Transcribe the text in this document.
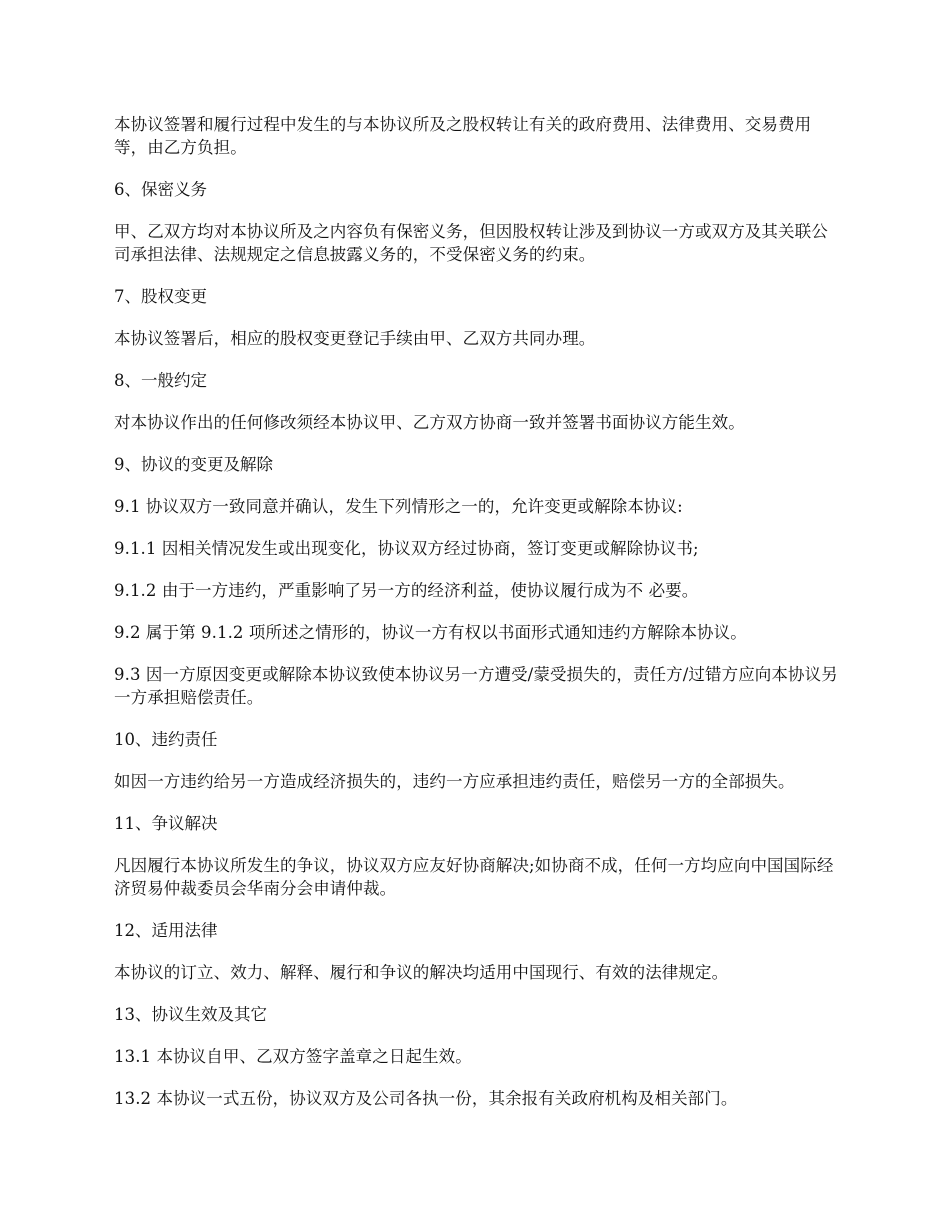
本协议签署和履行过程中发生的与本协议所及之股权转让有关的政府费用、法律费用、交易费用等，由乙方负担。

6、保密义务

甲、乙双方均对本协议所及之内容负有保密义务，但因股权转让涉及到协议一方或双方及其关联公司承担法律、法规规定之信息披露义务的，不受保密义务的约束。

7、股权变更

本协议签署后，相应的股权变更登记手续由甲、乙双方共同办理。

8、一般约定

对本协议作出的任何修改须经本协议甲、乙方双方协商一致并签署书面协议方能生效。

9、协议的变更及解除

9.1 协议双方一致同意并确认，发生下列情形之一的，允许变更或解除本协议:

9.1.1 因相关情况发生或出现变化，协议双方经过协商，签订变更或解除协议书;

9.1.2 由于一方违约，严重影响了另一方的经济利益，使协议履行成为不 必要。

9.2 属于第 9.1.2 项所述之情形的，协议一方有权以书面形式通知违约方解除本协议。

9.3 因一方原因变更或解除本协议致使本协议另一方遭受/蒙受损失的，责任方/过错方应向本协议另一方承担赔偿责任。

10、违约责任

如因一方违约给另一方造成经济损失的，违约一方应承担违约责任，赔偿另一方的全部损失。

11、争议解决

凡因履行本协议所发生的争议，协议双方应友好协商解决;如协商不成，任何一方均应向中国国际经济贸易仲裁委员会华南分会申请仲裁。

12、适用法律

本协议的订立、效力、解释、履行和争议的解决均适用中国现行、有效的法律规定。

13、协议生效及其它

13.1 本协议自甲、乙双方签字盖章之日起生效。

13.2 本协议一式五份，协议双方及公司各执一份，其余报有关政府机构及相关部门。
